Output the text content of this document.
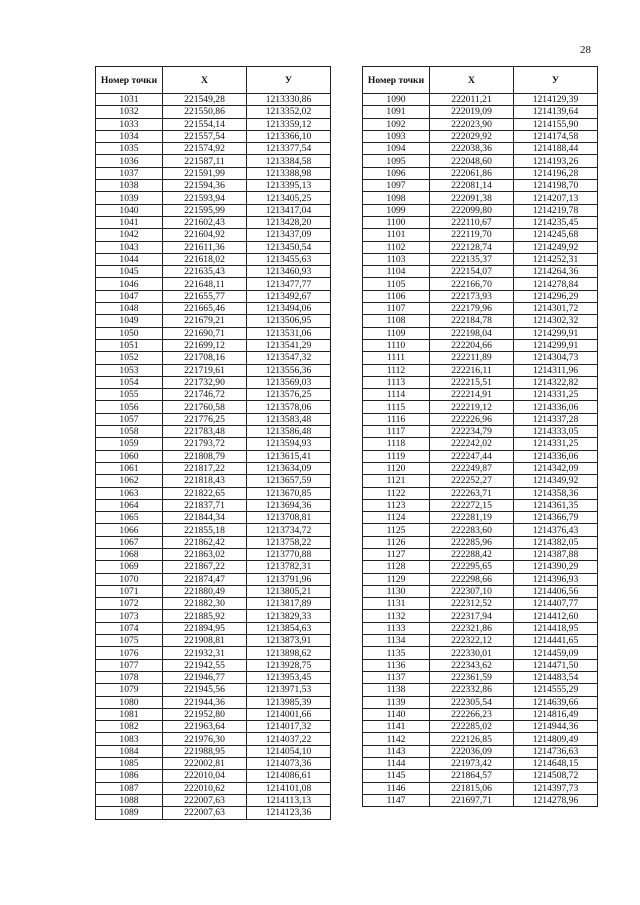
28
Номер точки	X	У
1031	221549,28	1213330,86
1032	221550,86	1213352,02
1033	221554,14	1213359,12
1034	221557,54	1213366,10
1035	221574,92	1213377,54
1036	221587,11	1213384,58
1037	221591,99	1213388,98
1038	221594,36	1213395,13
1039	221593,94	1213405,25
1040	221595,99	1213417,04
1041	221602,43	1213428,20
1042	221604,92	1213437,09
1043	221611,36	1213450,54
1044	221618,02	1213455,63
1045	221635,43	1213460,93
1046	221648,11	1213477,77
1047	221655,77	1213492,67
1048	221665,46	1213494,06
1049	221679,21	1213506,95
1050	221690,71	1213531,06
1051	221699,12	1213541,29
1052	221708,16	1213547,32
1053	221719,61	1213556,36
1054	221732,90	1213569,03
1055	221746,72	1213576,25
1056	221760,58	1213578,06
1057	221776,25	1213583,48
1058	221783,48	1213586,48
1059	221793,72	1213594,93
1060	221808,79	1213615,41
1061	221817,22	1213634,09
1062	221818,43	1213657,59
1063	221822,65	1213670,85
1064	221837,71	1213694,36
1065	221844,34	1213708,81
1066	221855,18	1213734,72
1067	221862,42	1213758,22
1068	221863,02	1213770,88
1069	221867,22	1213782,31
1070	221874,47	1213791,96
1071	221880,49	1213805,21
1072	221882,30	1213817,89
1073	221885,92	1213829,33
1074	221894,95	1213854,63
1075	221908,81	1213873,91
1076	221932,31	1213898,62
1077	221942,55	1213928,75
1078	221946,77	1213953,45
1079	221945,56	1213971,53
1080	221944,36	1213985,39
1081	221952,80	1214001,66
1082	221963,64	1214017,32
1083	221976,30	1214037,22
1084	221988,95	1214054,10
1085	222002,81	1214073,36
1086	222010,04	1214086,61
1087	222010,62	1214101,08
1088	222007,63	1214113,13
1089	222007,63	1214123,36
Номер точки	X	У
1090	222011,21	1214129,39
1091	222019,09	1214139,64
1092	222023,90	1214155,90
1093	222029,92	1214174,58
1094	222038,36	1214188,44
1095	222048,60	1214193,26
1096	222061,86	1214196,28
1097	222081,14	1214198,70
1098	222091,38	1214207,13
1099	222099,80	1214219,78
1100	222110,67	1214235,45
1101	222119,70	1214245,68
1102	222128,74	1214249,92
1103	222135,37	1214252,31
1104	222154,07	1214264,36
1105	222166,70	1214278,84
1106	222173,93	1214296,29
1107	222179,96	1214301,72
1108	222184,78	1214302,32
1109	222198,04	1214299,91
1110	222204,66	1214299,91
1111	222211,89	1214304,73
1112	222216,11	1214311,96
1113	222215,51	1214322,82
1114	222214,91	1214331,25
1115	222219,12	1214336,06
1116	222226,96	1214337,28
1117	222234,79	1214333,05
1118	222242,02	1214331,25
1119	222247,44	1214336,06
1120	222249,87	1214342,09
1121	222252,27	1214349,92
1122	222263,71	1214358,36
1123	222272,15	1214361,35
1124	222281,19	1214366,79
1125	222283,60	1214376,43
1126	222285,96	1214382,05
1127	222288,42	1214387,88
1128	222295,65	1214390,29
1129	222298,66	1214396,93
1130	222307,10	1214406,56
1131	222312,52	1214407,77
1132	222317,94	1214412,60
1133	222321,86	1214418,95
1134	222322,12	1214441,65
1135	222330,01	1214459,09
1136	222343,62	1214471,50
1137	222361,59	1214483,54
1138	222332,86	1214555,29
1139	222305,54	1214639,66
1140	222266,23	1214816,49
1141	222285,02	1214944,36
1142	222126,85	1214809,49
1143	222036,09	1214736,63
1144	221973,42	1214648,15
1145	221864,57	1214508,72
1146	221815,06	1214397,73
1147	221697,71	1214278,96
